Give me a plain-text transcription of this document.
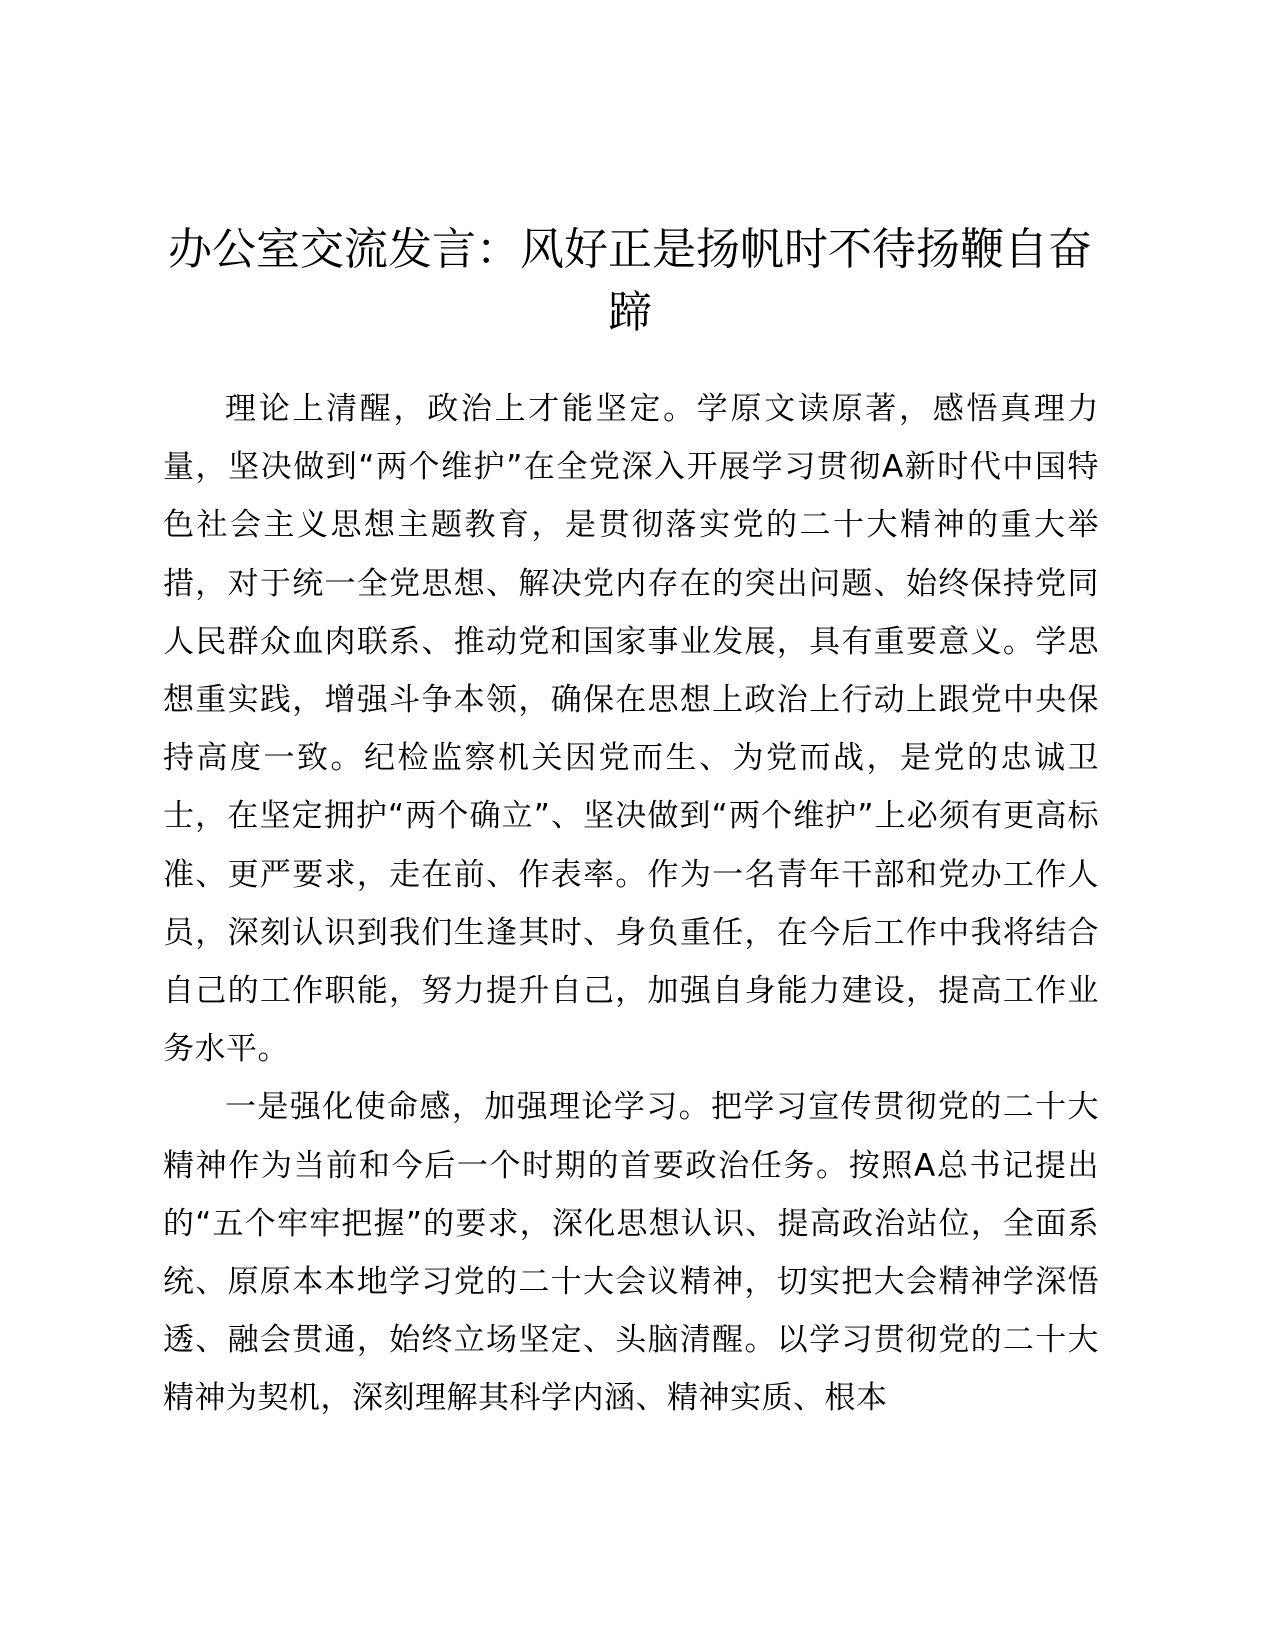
办公室交流发言：风好正是扬帆时不待扬鞭自奋蹄

理论上清醒，政治上才能坚定。学原文读原著，感悟真理力量，坚决做到“两个维护”在全党深入开展学习贯彻A新时代中国特色社会主义思想主题教育，是贯彻落实党的二十大精神的重大举措，对于统一全党思想、解决党内存在的突出问题、始终保持党同人民群众血肉联系、推动党和国家事业发展，具有重要意义。学思想重实践，增强斗争本领，确保在思想上政治上行动上跟党中央保持高度一致。纪检监察机关因党而生、为党而战，是党的忠诚卫士，在坚定拥护“两个确立”、坚决做到“两个维护”上必须有更高标准、更严要求，走在前、作表率。作为一名青年干部和党办工作人员，深刻认识到我们生逢其时、身负重任，在今后工作中我将结合自己的工作职能，努力提升自己，加强自身能力建设，提高工作业务水平。

一是强化使命感，加强理论学习。把学习宣传贯彻党的二十大精神作为当前和今后一个时期的首要政治任务。按照A总书记提出的“五个牢牢把握”的要求，深化思想认识、提高政治站位，全面系统、原原本本地学习党的二十大会议精神，切实把大会精神学深悟透、融会贯通，始终立场坚定、头脑清醒。以学习贯彻党的二十大精神为契机，深刻理解其科学内涵、精神实质、根本
